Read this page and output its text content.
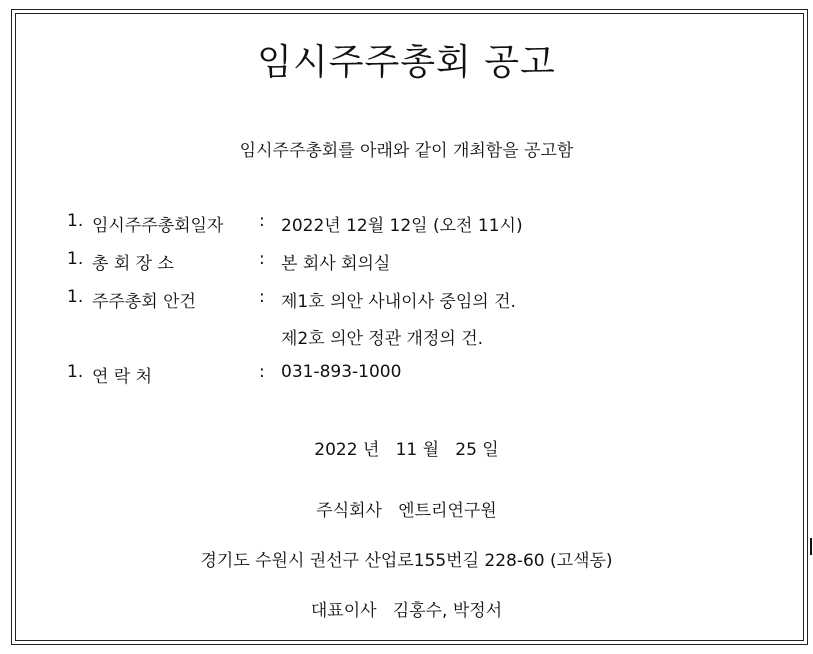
임시주주총회 공고
임시주주총회를 아래와 같이 개최함을 공고함
1. 임시주주총회일자 : 2022년 12월 12일 (오전 11시)
1. 총 회 장 소	: 본 회사 회의실
1. 주주총회 안건	: 제1호 의안 사내이사 중임의 건.
제2호 의안 정관 개정의 건.
1. 연 락 처	: 031-893-1000
2022 년   11 월   25 일
주식회사   엔트리연구원
경기도 수원시 권선구 산업로155번길 228-60 (고색동)
대표이사   김홍수, 박정서
